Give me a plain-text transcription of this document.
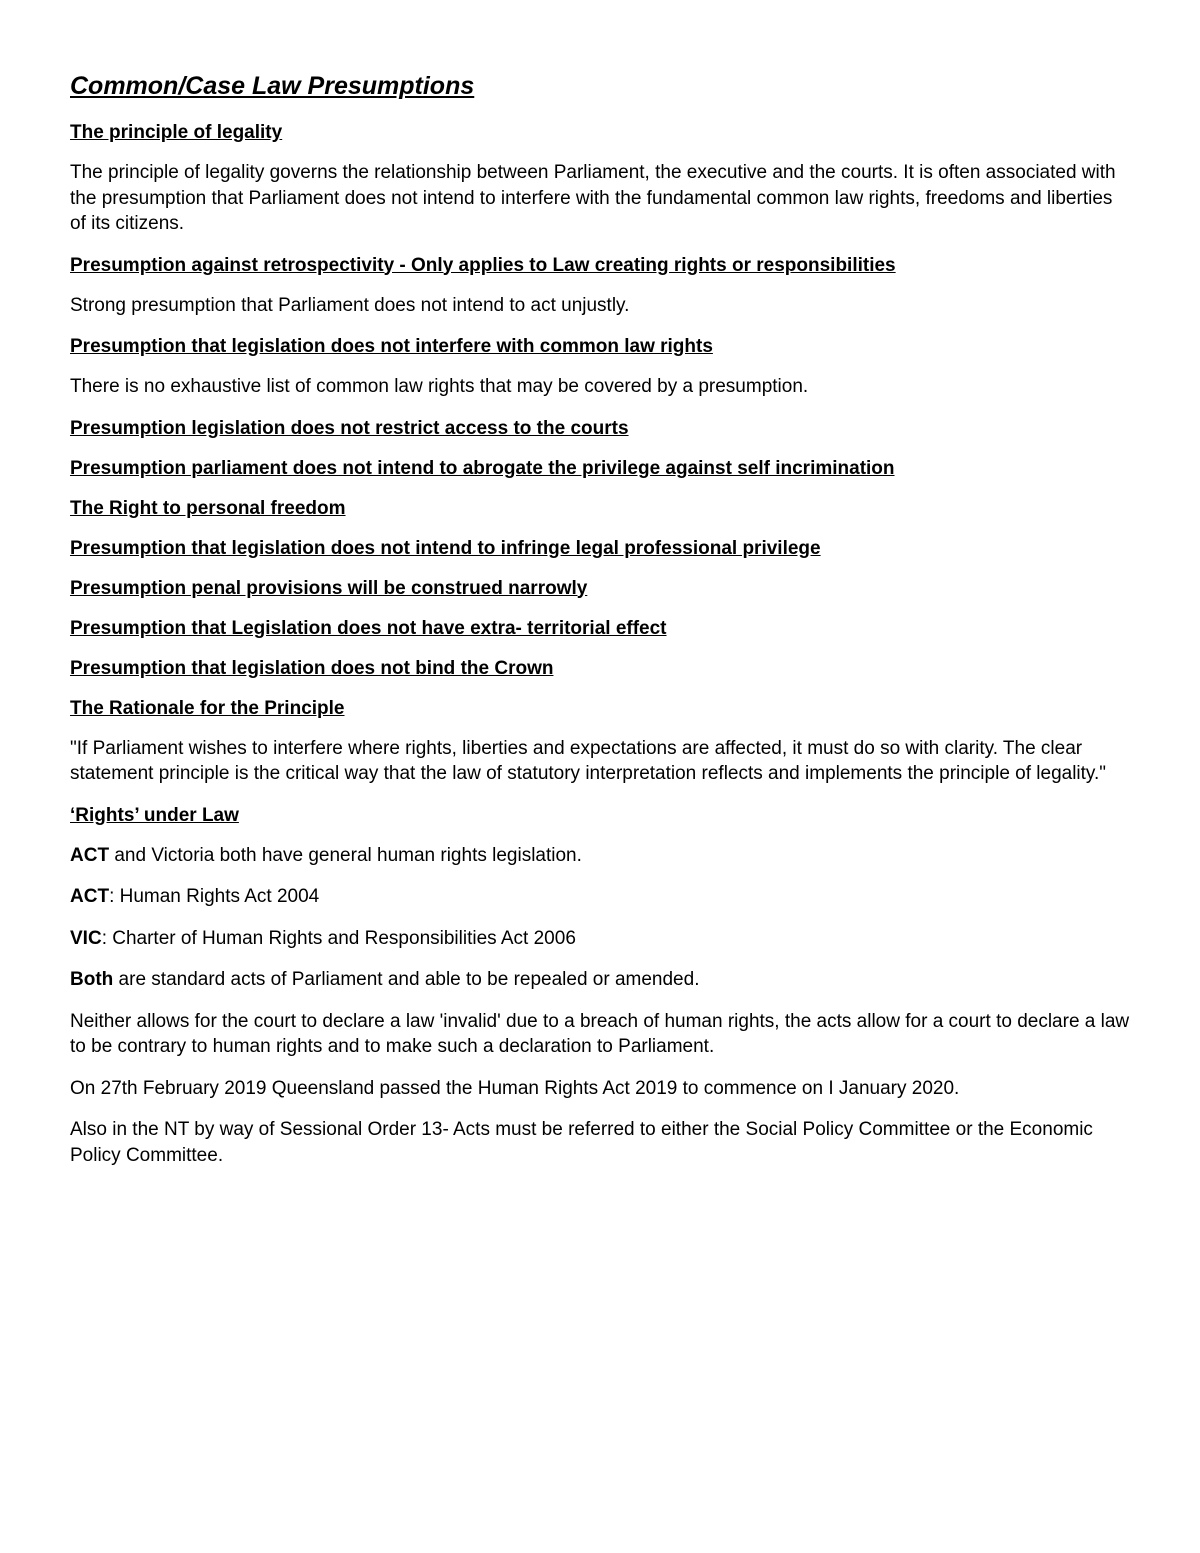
Common/Case Law Presumptions
The principle of legality
The principle of legality governs the relationship between Parliament, the executive and the courts. It is often associated with the presumption that Parliament does not intend to interfere with the fundamental common law rights, freedoms and liberties of its citizens.
Presumption against retrospectivity - Only applies to Law creating rights or responsibilities
Strong presumption that Parliament does not intend to act unjustly.
Presumption that legislation does not interfere with common law rights
There is no exhaustive list of common law rights that may be covered by a presumption.
Presumption legislation does not restrict access to the courts
Presumption parliament does not intend to abrogate the privilege against self incrimination
The Right to personal freedom
Presumption that legislation does not intend to infringe legal professional privilege
Presumption penal provisions will be construed narrowly
Presumption that Legislation does not have extra- territorial effect
Presumption that legislation does not bind the Crown
The Rationale for the Principle
"If Parliament wishes to interfere where rights, liberties and expectations are affected, it must do so with clarity. The clear statement principle is the critical way that the law of statutory interpretation reflects and implements the principle of legality."
‘Rights’ under Law
ACT and Victoria both have general human rights legislation.
ACT: Human Rights Act 2004
VIC: Charter of Human Rights and Responsibilities Act 2006
Both are standard acts of Parliament and able to be repealed or amended.
Neither allows for the court to declare a law 'invalid' due to a breach of human rights, the acts allow for a court to declare a law to be contrary to human rights and to make such a declaration to Parliament.
On 27th February 2019 Queensland passed the Human Rights Act 2019 to commence on I January 2020.
Also in the NT by way of Sessional Order 13- Acts must be referred to either the Social Policy Committee or the Economic Policy Committee.
